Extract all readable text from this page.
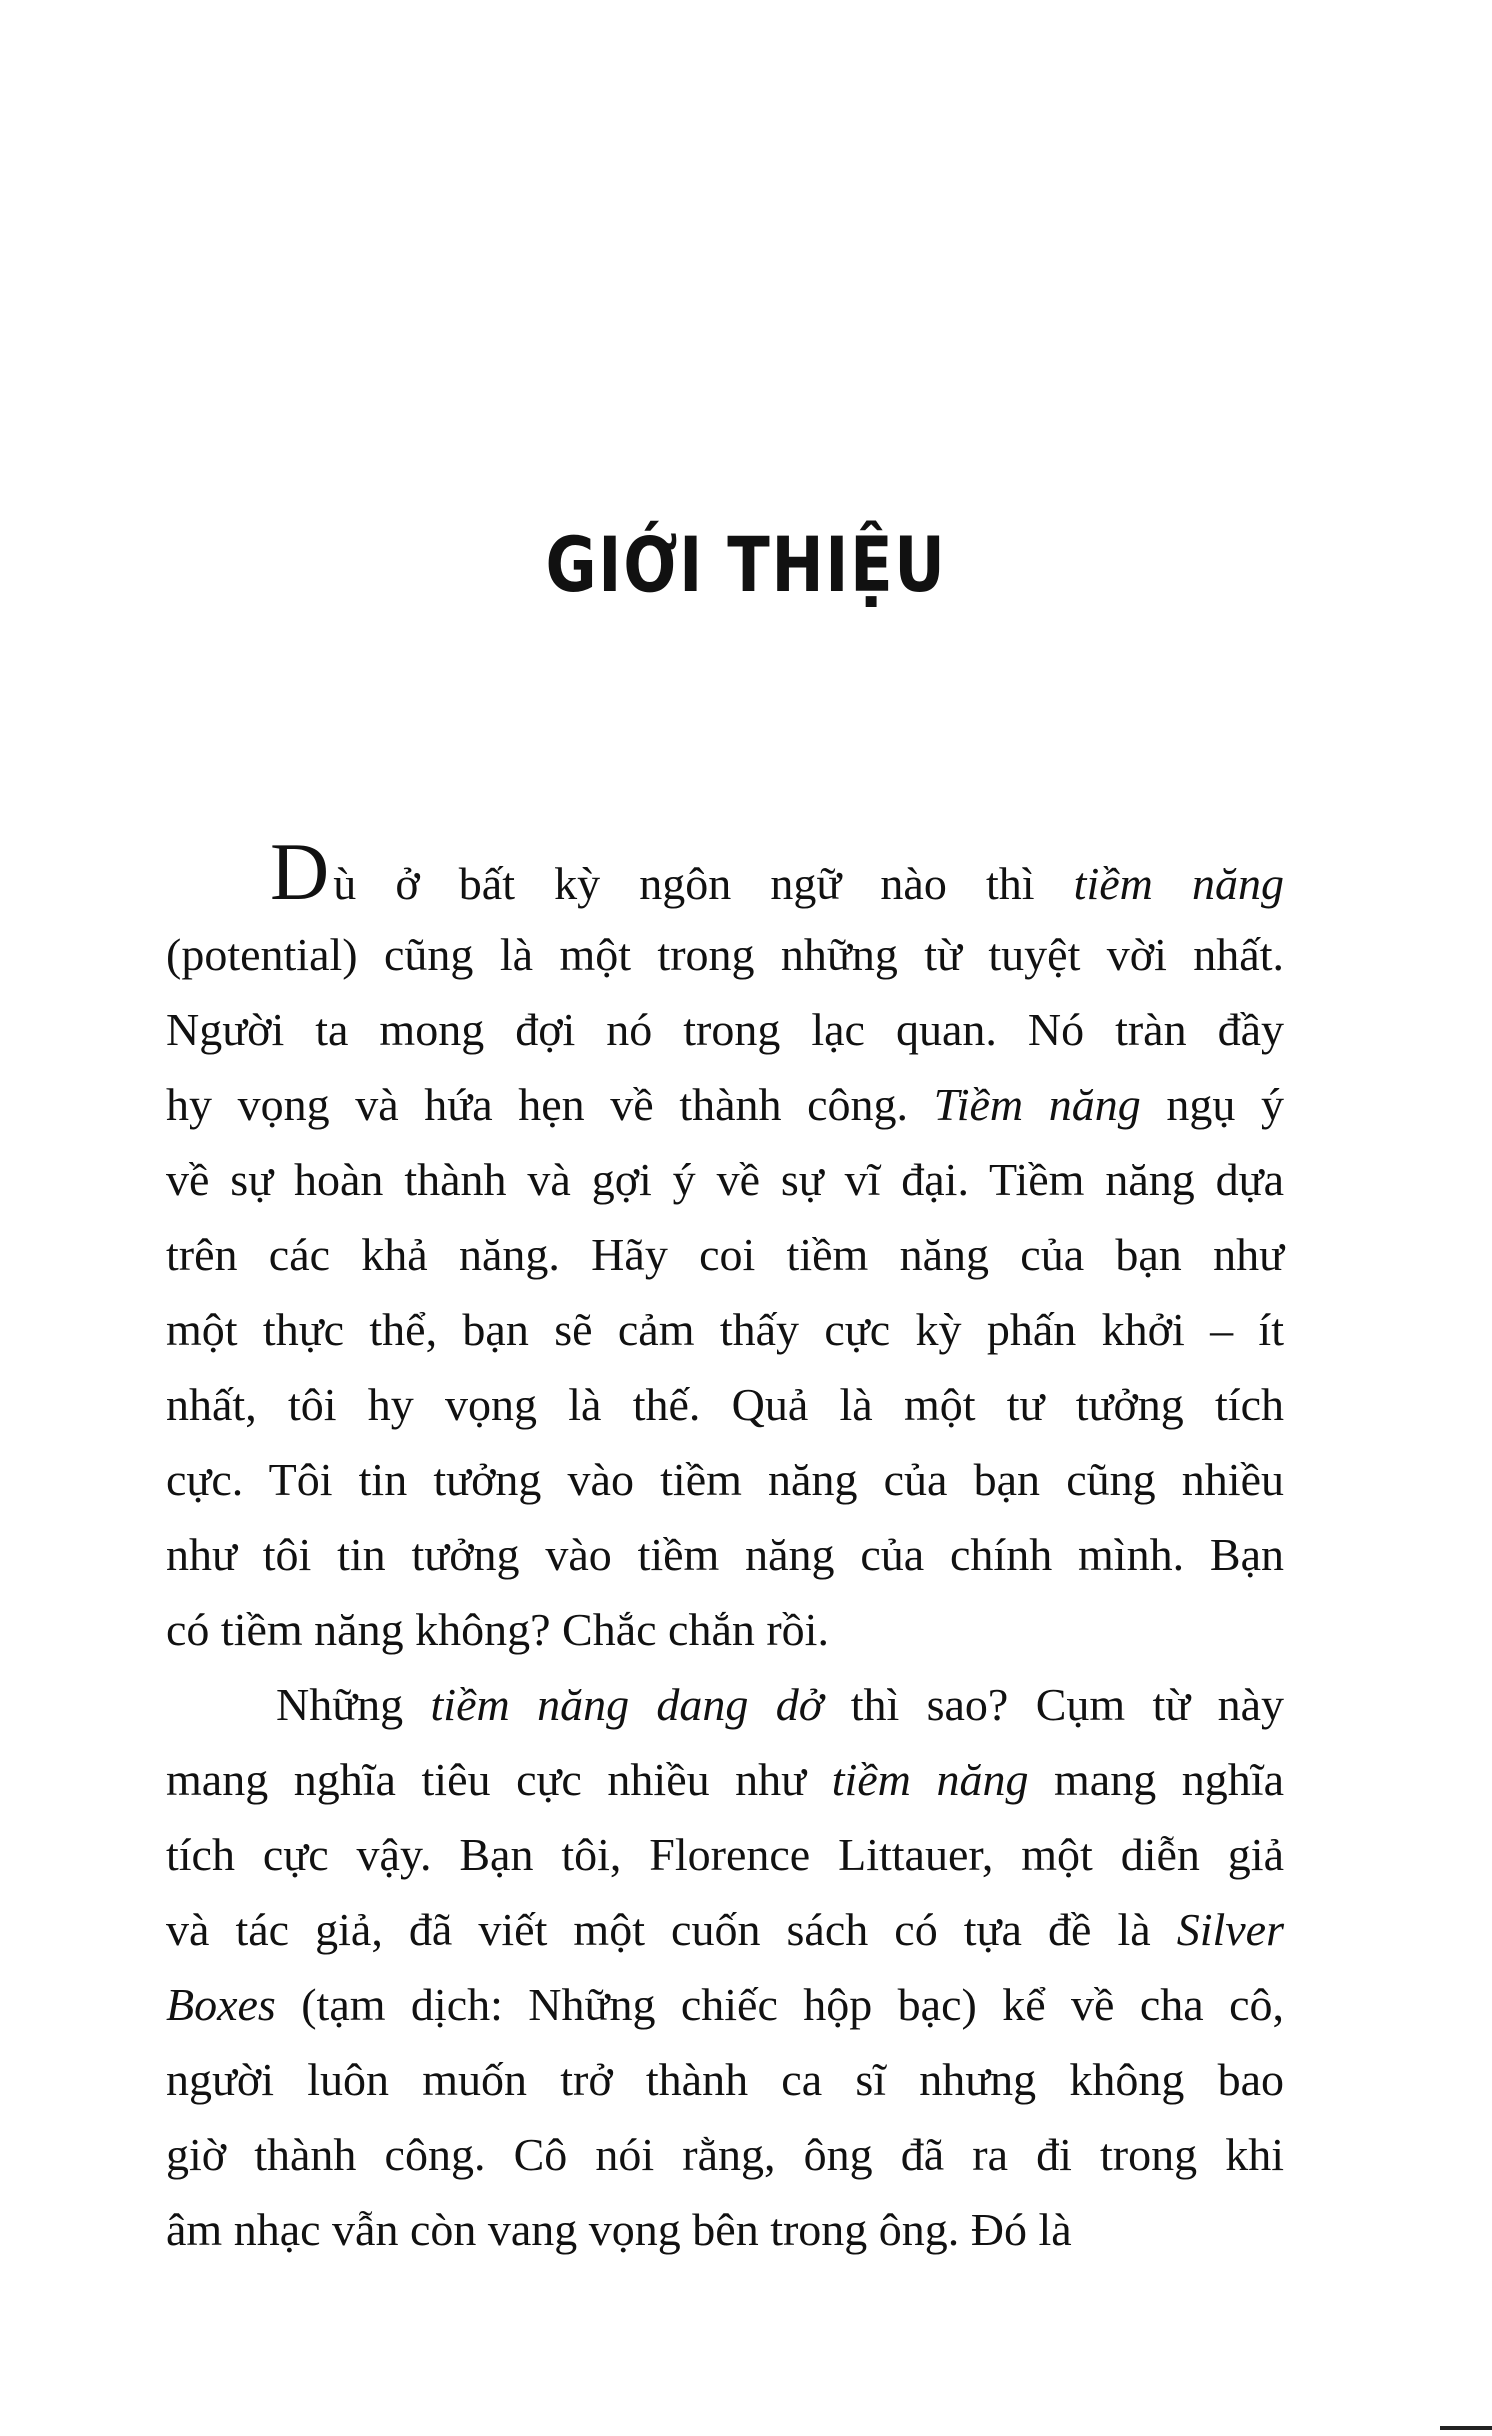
GIỚI THIỆU
Dù ở bất kỳ ngôn ngữ nào thì tiềm năng
(potential) cũng là một trong những từ tuyệt vời nhất.
Người ta mong đợi nó trong lạc quan. Nó tràn đầy
hy vọng và hứa hẹn về thành công. Tiềm năng ngụ ý
về sự hoàn thành và gợi ý về sự vĩ đại. Tiềm năng dựa
trên các khả năng. Hãy coi tiềm năng của bạn như
một thực thể, bạn sẽ cảm thấy cực kỳ phấn khởi – ít
nhất, tôi hy vọng là thế. Quả là một tư tưởng tích
cực. Tôi tin tưởng vào tiềm năng của bạn cũng nhiều
như tôi tin tưởng vào tiềm năng của chính mình. Bạn
có tiềm năng không? Chắc chắn rồi.
Những tiềm năng dang dở thì sao? Cụm từ này
mang nghĩa tiêu cực nhiều như tiềm năng mang nghĩa
tích cực vậy. Bạn tôi, Florence Littauer, một diễn giả
và tác giả, đã viết một cuốn sách có tựa đề là Silver
Boxes (tạm dịch: Những chiếc hộp bạc) kể về cha cô,
người luôn muốn trở thành ca sĩ nhưng không bao
giờ thành công. Cô nói rằng, ông đã ra đi trong khi
âm nhạc vẫn còn vang vọng bên trong ông. Đó là
